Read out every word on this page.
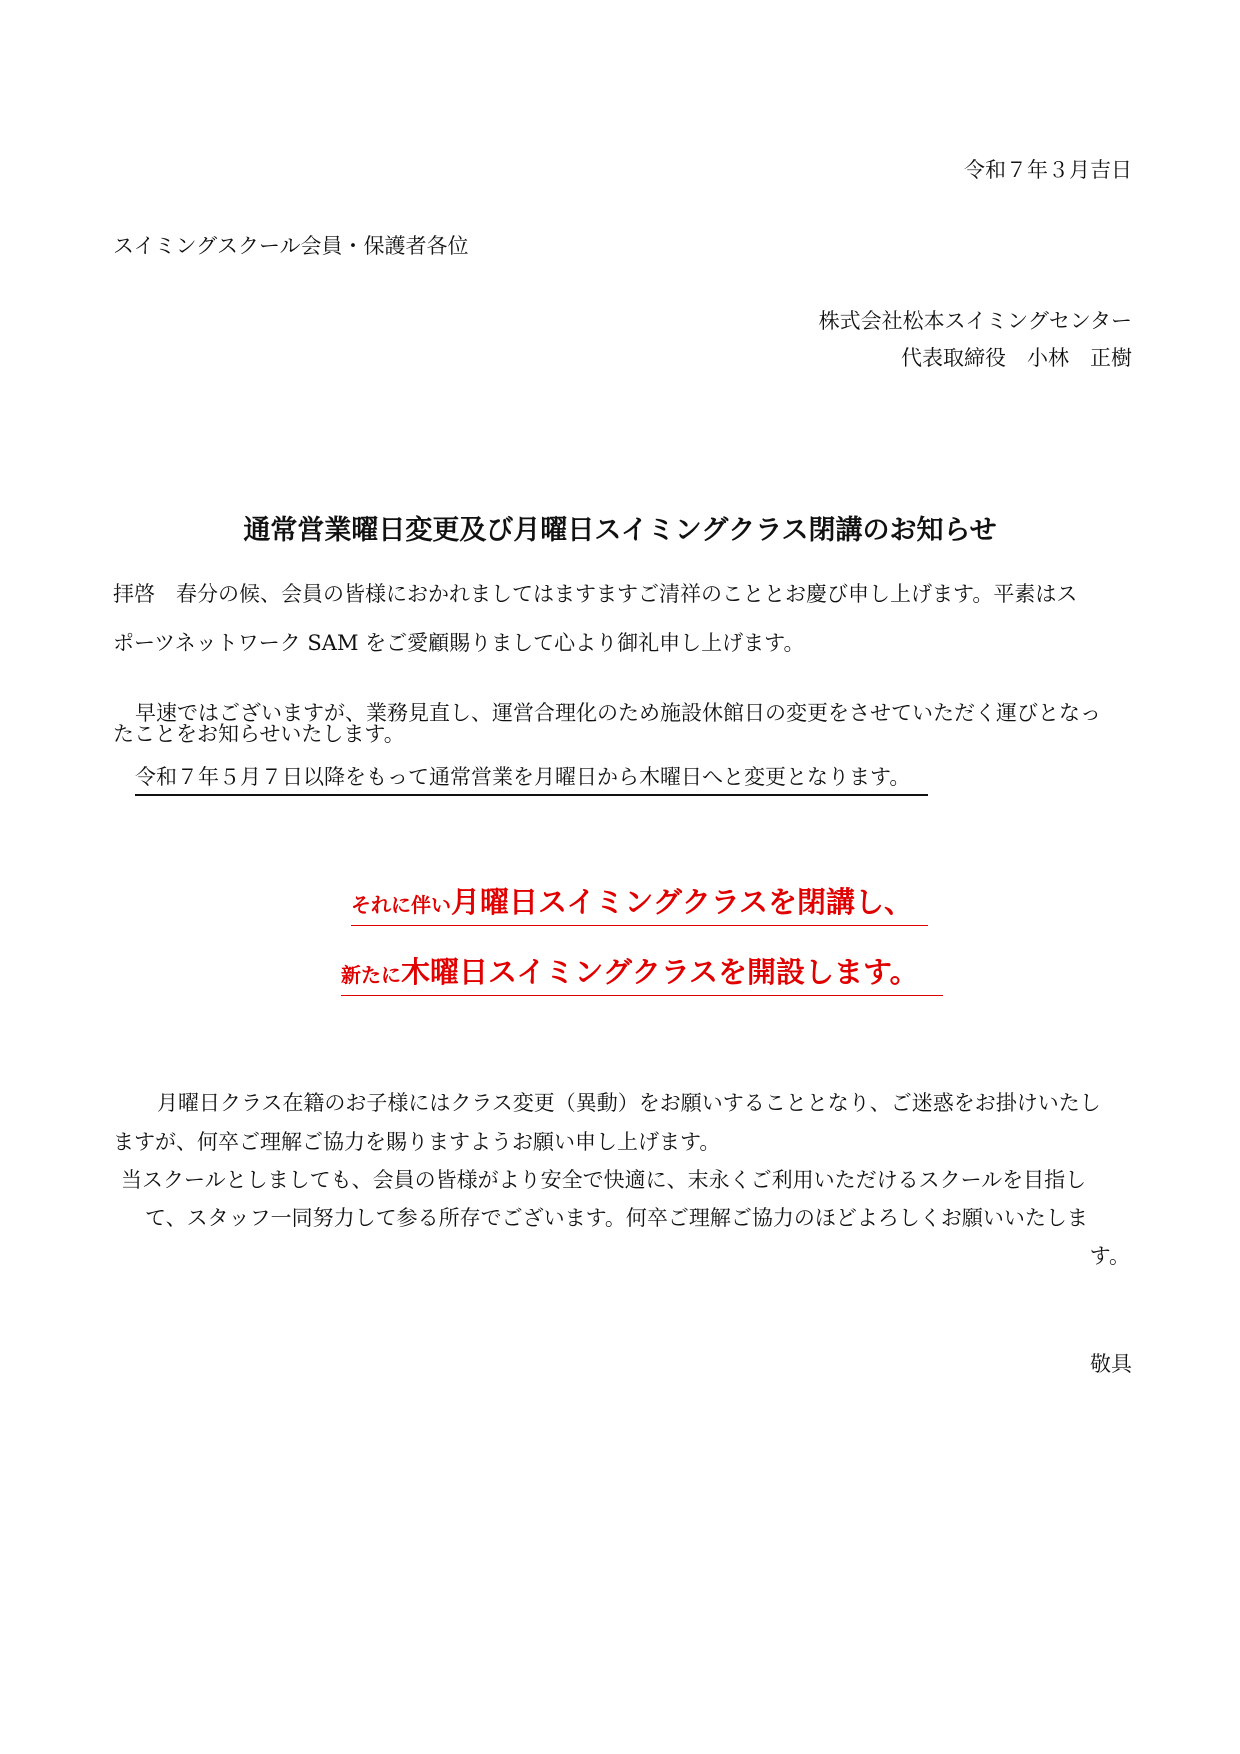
令和７年３月吉日
スイミングスクール会員・保護者各位
株式会社松本スイミングセンター
代表取締役　小林　正樹
通常営業曜日変更及び月曜日スイミングクラス閉講のお知らせ
拝啓　春分の候、会員の皆様におかれましてはますますご清祥のこととお慶び申し上げます。平素はス
ポーツネットワーク SAM をご愛顧賜りまして心より御礼申し上げます。
早速ではございますが、業務見直し、運営合理化のため施設休館日の変更をさせていただく運びとなっ
たことをお知らせいたします。
令和７年５月７日以降をもって通常営業を月曜日から木曜日へと変更となります。
それに伴い月曜日スイミングクラスを閉講し、
新たに木曜日スイミングクラスを開設します。
月曜日クラス在籍のお子様にはクラス変更（異動）をお願いすることとなり、ご迷惑をお掛けいたし
ますが、何卒ご理解ご協力を賜りますようお願い申し上げます。
当スクールとしましても、会員の皆様がより安全で快適に、末永くご利用いただけるスクールを目指し
て、スタッフ一同努力して参る所存でございます。何卒ご理解ご協力のほどよろしくお願いいたしま
す。
敬具
